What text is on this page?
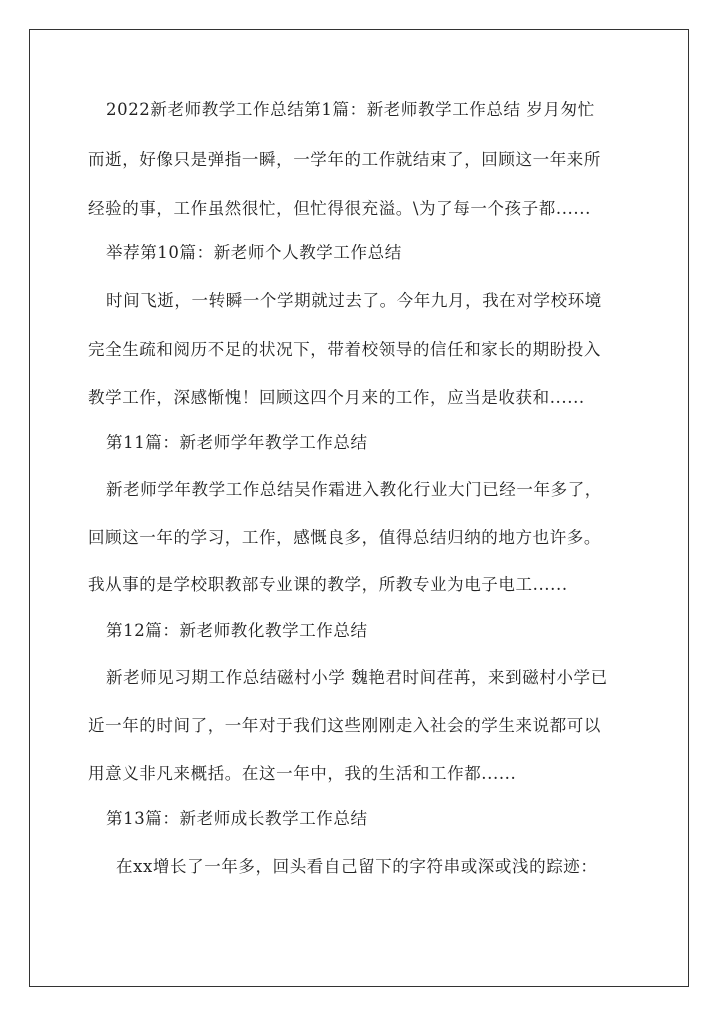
2022新老师教学工作总结第1篇：新老师教学工作总结 岁月匆忙
而逝，好像只是弹指一瞬，一学年的工作就结束了，回顾这一年来所
经验的事，工作虽然很忙，但忙得很充溢。\为了每一个孩子都......
举荐第10篇：新老师个人教学工作总结
时间飞逝，一转瞬一个学期就过去了。今年九月，我在对学校环境
完全生疏和阅历不足的状况下，带着校领导的信任和家长的期盼投入
教学工作，深感惭愧！回顾这四个月来的工作，应当是收获和......
第11篇：新老师学年教学工作总结
新老师学年教学工作总结吴作霜进入教化行业大门已经一年多了，
回顾这一年的学习，工作，感慨良多，值得总结归纳的地方也许多。
我从事的是学校职教部专业课的教学，所教专业为电子电工......
第12篇：新老师教化教学工作总结
新老师见习期工作总结磁村小学 魏艳君时间荏苒，来到磁村小学已
近一年的时间了，一年对于我们这些刚刚走入社会的学生来说都可以
用意义非凡来概括。在这一年中，我的生活和工作都......
第13篇：新老师成长教学工作总结
在xx增长了一年多，回头看自己留下的字符串或深或浅的踪迹：
